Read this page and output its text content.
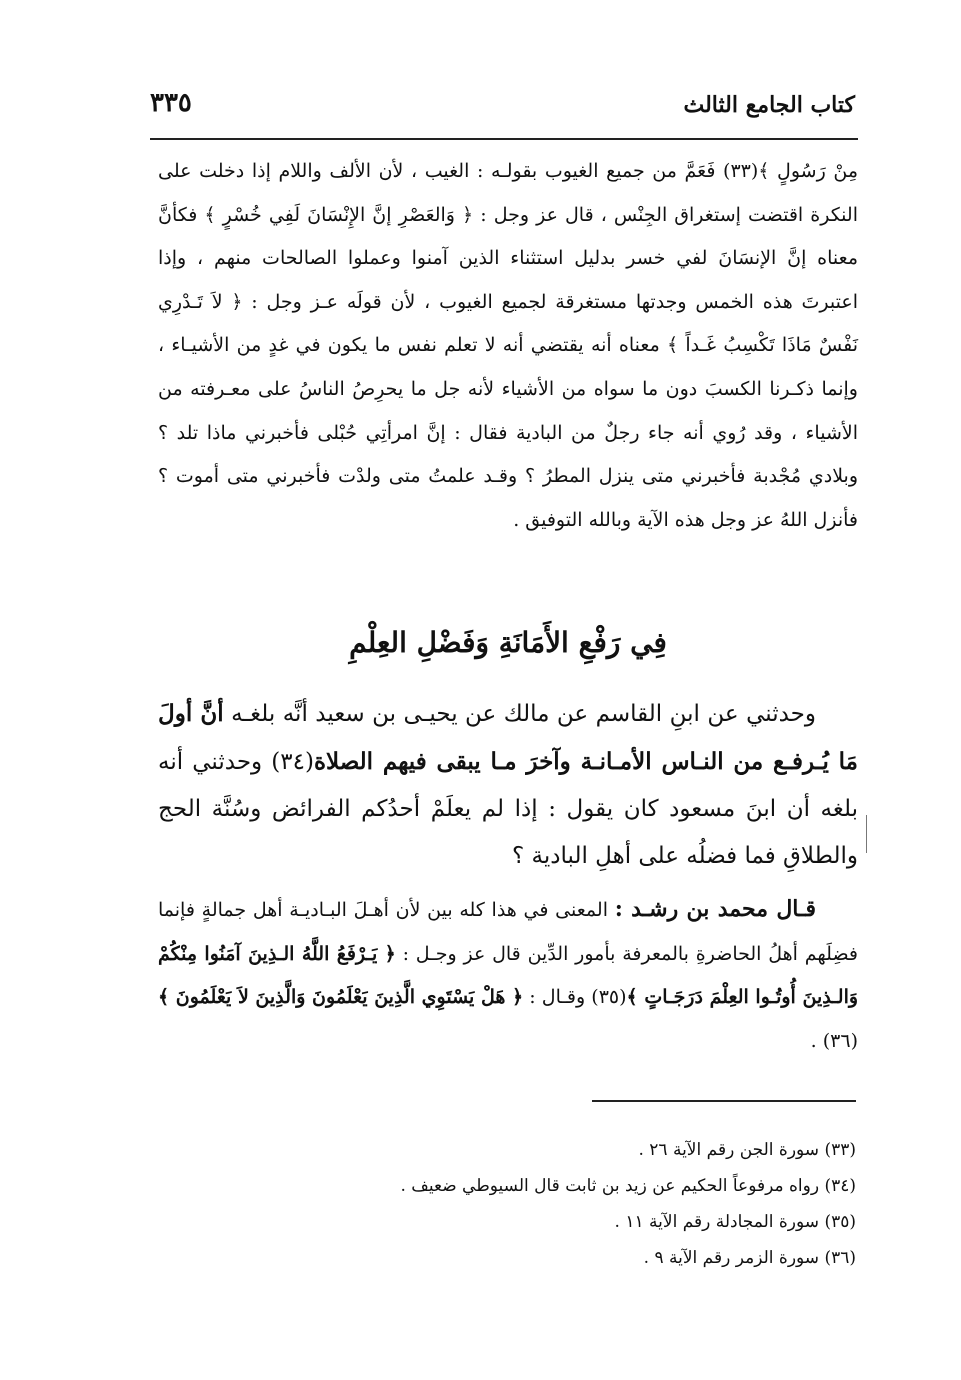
كتاب الجامع الثالث
٣٣٥
مِنْ رَسُولٍ ﴾(٣٣) فَعَمَّ من جميع الغيوب بقولـه : الغيب ، لأن الألف واللام إذا دخلت على النكرة اقتضت إستغراق الجِنْس ، قال عز وجل : ﴿ وَالعَصْرِ إنَّ الإِنْسَانَ لَفِي خُسْرٍ ﴾ فكأنَّ معناه إنَّ الإنسَانَ لفي خسر بدليل استثناء الذين آمنوا وعملوا الصالحات منهم ، وإذا اعتبرتَ هذه الخمس وجدتها مستغرقة لجميع الغيوب ، لأن قولَه عـز وجل : ﴿ لاَ تَـدْرِي نَفْسٌ مَاذَا تَكْسِبُ غَـداً ﴾ معناه أنه يقتضي أنه لا تعلم نفس ما يكون في غدٍ من الأشيـاء ، وإنما ذكـرنا الكسبَ دون ما سواه من الأشياء لأنه جل ما يحرِصُ الناسُ على معـرفته من الأشياء ، وقد رُوي أنه جاء رجلٌ من البادية فقال : إنَّ امرأتِي حُبْلى فأخبرني ماذا تلد ؟ وبلادي مُجْدبة فأخبرني متى ينزل المطرُ ؟ وقـد علمتُ متى ولدْت فأخبرني متى أموت ؟ فأنزل اللهُ عز وجل هذه الآية وبالله التوفيق .
فِي رَفْعِ الأَمَانَةِ وَفَضْلِ العِلْمِ
وحدثني عن ابنِ القاسم عن مالك عن يحيـى بن سعيد أنَّه بلغـه أنَّ أولَ مَا يُـرفـع من النـاس الأمـانـة وآخرَ مـا يبقى فيهم الصلاة(٣٤) وحدثني أنه بلغه أن ابنَ مسعود كان يقول : إذا لم يعلَمْ أحدُكم الفرائض وسُنَّة الحج والطلاقِ فما فضلُه على أهلِ البادية ؟
قـال محمد بن رشـد : المعنى في هذا كله بين لأن أهـلَ البـاديـة أهل جمالةٍ فإنما فضِلَهم أهلُ الحاضرةِ بالمعرفة بأمور الدِّين قال عز وجـل : ﴿ يَـرْفَعُ اللَّهُ الـذِينَ آمَنُوا مِنْكُمْ وَالـذِينَ أُوتُـوا العِلْمَ دَرَجَـاتٍ ﴾(٣٥) وقـال : ﴿ هَلْ يَسْتَوِي الَّذِينَ يَعْلَمُونَ وَالَّذِينَ لاَ يَعْلَمُونَ ﴾(٣٦) .
(٣٣) سورة الجن رقم الآية ٢٦ .
(٣٤) رواه مرفوعاً الحكيم عن زيد بن ثابت قال السيوطي ضعيف .
(٣٥) سورة المجادلة رقم الآية ١١ .
(٣٦) سورة الزمر رقم الآية ٩ .
